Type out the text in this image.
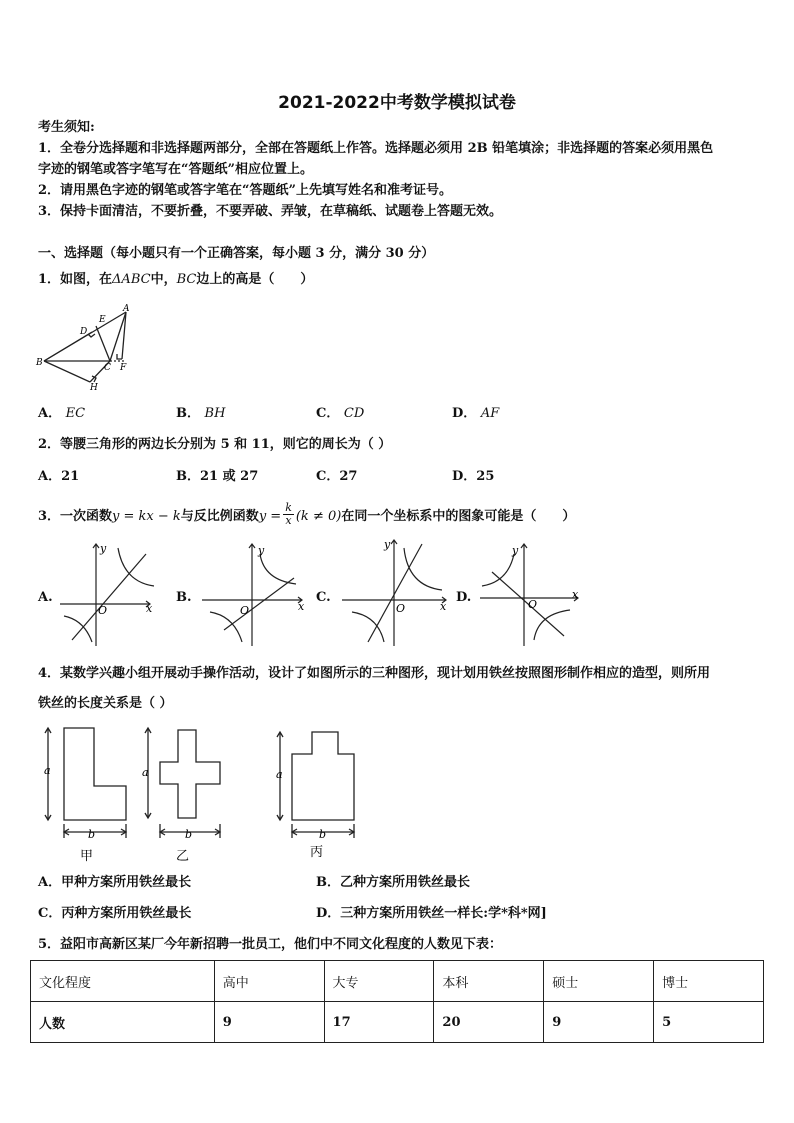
2021-2022中考数学模拟试卷
考生须知:
1．全卷分选择题和非选择题两部分，全部在答题纸上作答。选择题必须用 2B 铅笔填涂；非选择题的答案必须用黑色
字迹的钢笔或答字笔写在“答题纸”相应位置上。
2．请用黑色字迹的钢笔或答字笔在“答题纸”上先填写姓名和准考证号。
3．保持卡面清洁，不要折叠，不要弄破、弄皱，在草稿纸、试题卷上答题无效。
一、选择题（每小题只有一个正确答案，每小题 3 分，满分 30 分）
1．如图，在ΔABC中，BC边上的高是（　　）
E
D
A
B	C F
H
A． EC	B． BH	C． CD	D． AF
2．等腰三角形的两边长分别为 5 和 11，则它的周长为（ ）
A．21	B．21 或 27	C．27	D．25
3．一次函数y = kx − k与反比例函数$y = \frac{k}{x} (k \ne 0)$在同一个坐标系中的图象可能是（　　）
A.
y
x
O
B.
y
x
O
C.
y
x
O
D.
y
x
O
4．某数学兴趣小组开展动手操作活动，设计了如图所示的三种图形，现计划用铁丝按照图形制作相应的造型，则所用
铁丝的长度关系是（ ）
a
b
甲
a
b
乙
a
b
丙
A．甲种方案所用铁丝最长	B．乙种方案所用铁丝最长
C．丙种方案所用铁丝最长	D．三种方案所用铁丝一样长:学*科*网]
5．益阳市高新区某厂今年新招聘一批员工，他们中不同文化程度的人数见下表：
文化程度	高中	大专	本科	硕士	博士
人数	9	17	20	9	5
